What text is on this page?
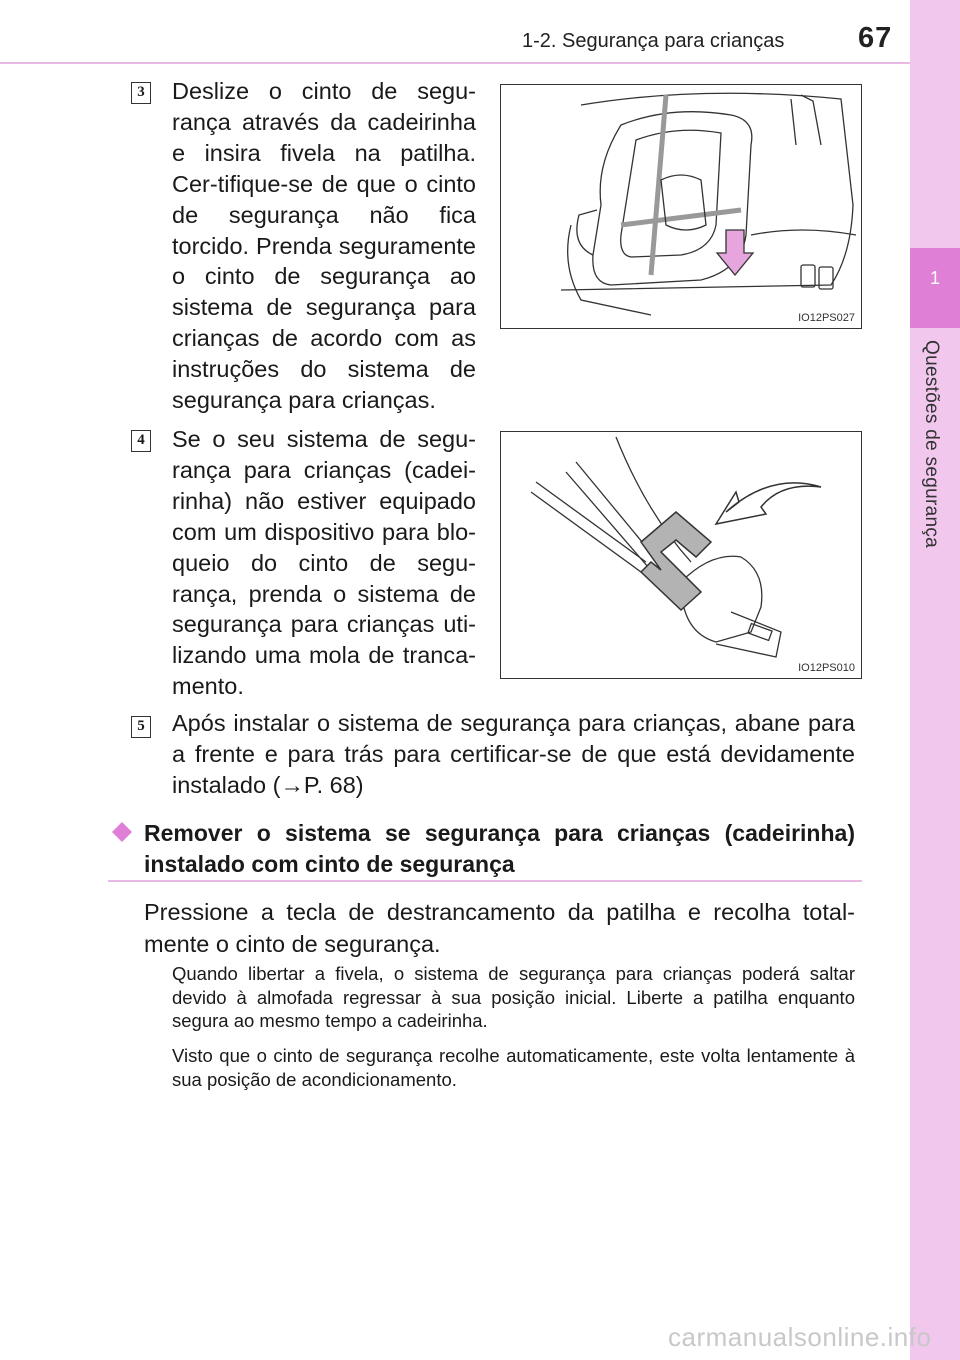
1-2. Segurança para crianças	67
1
Questões de segurança
3 Deslize o cinto de segu-rança através da cadeirinha e insira fivela na patilha. Cer-tifique-se de que o cinto de segurança não fica torcido. Prenda seguramente o cinto de segurança ao sistema de segurança para crianças de acordo com as instruções do sistema de segurança para crianças.
IO12PS027
4 Se o seu sistema de segu-rança para crianças (cadei-rinha) não estiver equipado com um dispositivo para blo-queio do cinto de segu-rança, prenda o sistema de segurança para crianças uti-lizando uma mola de tranca-mento.
IO12PS010
5 Após instalar o sistema de segurança para crianças, abane para a frente e para trás para certificar-se de que está devidamente instalado (→P. 68)
Remover o sistema se segurança para crianças (cadeirinha) instalado com cinto de segurança
Pressione a tecla de destrancamento da patilha e recolha total-mente o cinto de segurança.
Quando libertar a fivela, o sistema de segurança para crianças poderá saltar devido à almofada regressar à sua posição inicial. Liberte a patilha enquanto segura ao mesmo tempo a cadeirinha.
Visto que o cinto de segurança recolhe automaticamente, este volta lentamente à sua posição de acondicionamento.
carmanualsonline.info
